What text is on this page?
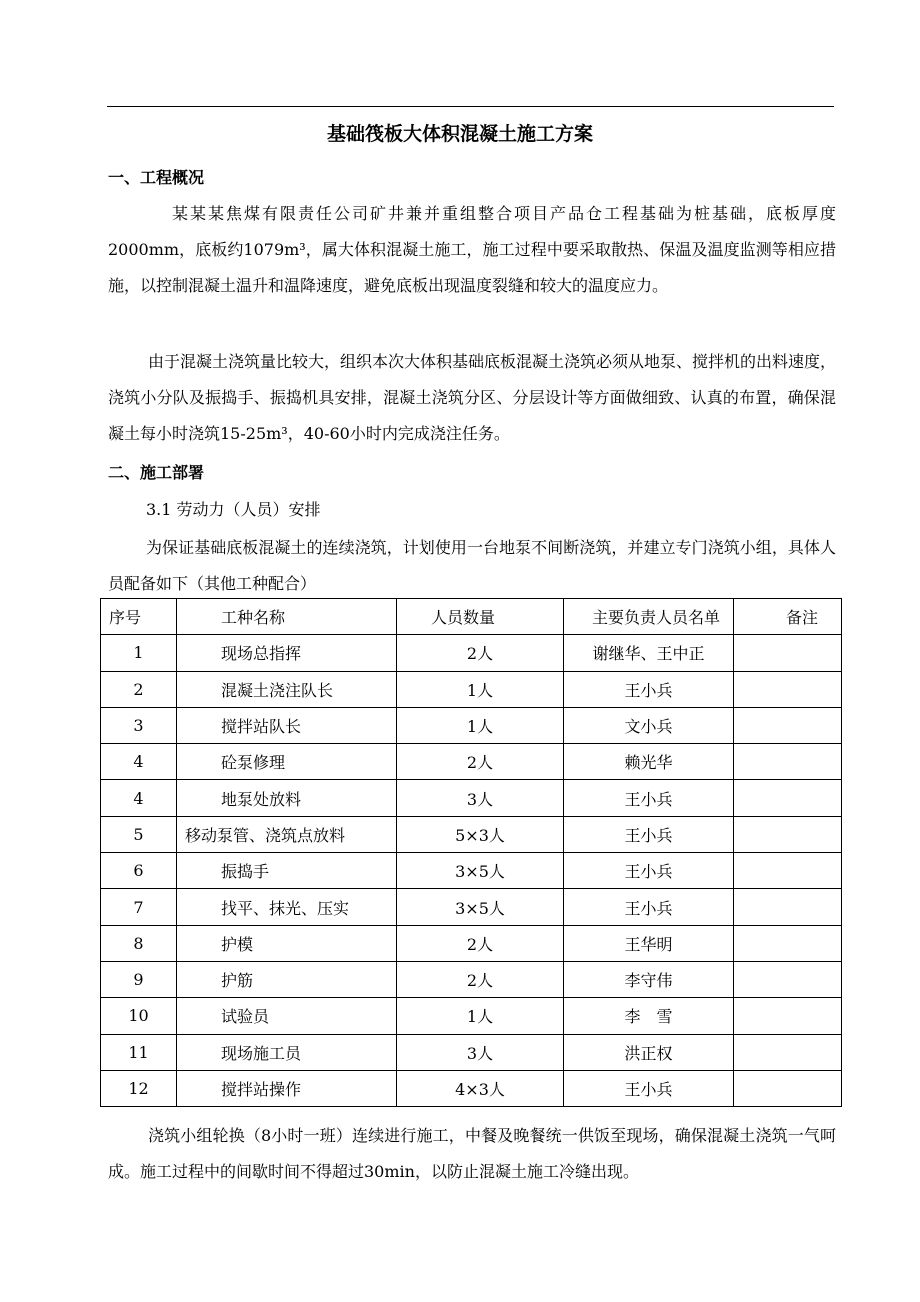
基础筏板大体积混凝土施工方案
一、工程概况

某某某焦煤有限责任公司矿井兼并重组整合项目产品仓工程基础为桩基础，底板厚度2000mm，底板约1079m³，属大体积混凝土施工，施工过程中要采取散热、保温及温度监测等相应措施，以控制混凝土温升和温降速度，避免底板出现温度裂缝和较大的温度应力。

由于混凝土浇筑量比较大，组织本次大体积基础底板混凝土浇筑必须从地泵、搅拌机的出料速度，浇筑小分队及振捣手、振捣机具安排，混凝土浇筑分区、分层设计等方面做细致、认真的布置，确保混凝土每小时浇筑15-25m³，40-60小时内完成浇注任务。

二、施工部署

3.1 劳动力（人员）安排

为保证基础底板混凝土的连续浇筑，计划使用一台地泵不间断浇筑，并建立专门浇筑小组，具体人员配备如下（其他工种配合）

序号	工种名称	人员数量	主要负责人员名单	备注
1	现场总指挥	2人	谢继华、王中正	
2	混凝土浇注队长	1人	王小兵	
3	搅拌站队长	1人	文小兵	
4	砼泵修理	2人	赖光华	
4	地泵处放料	3人	王小兵	
5	移动泵管、浇筑点放料	5×3人	王小兵	
6	振捣手	3×5人	王小兵	
7	找平、抹光、压实	3×5人	王小兵	
8	护模	2人	王华明	
9	护筋	2人	李守伟	
10	试验员	1人	李　雪	
11	现场施工员	3人	洪正权	
12	搅拌站操作	4×3人	王小兵	

浇筑小组轮换（8小时一班）连续进行施工，中餐及晚餐统一供饭至现场，确保混凝土浇筑一气呵成。施工过程中的间歇时间不得超过30min，以防止混凝土施工冷缝出现。
